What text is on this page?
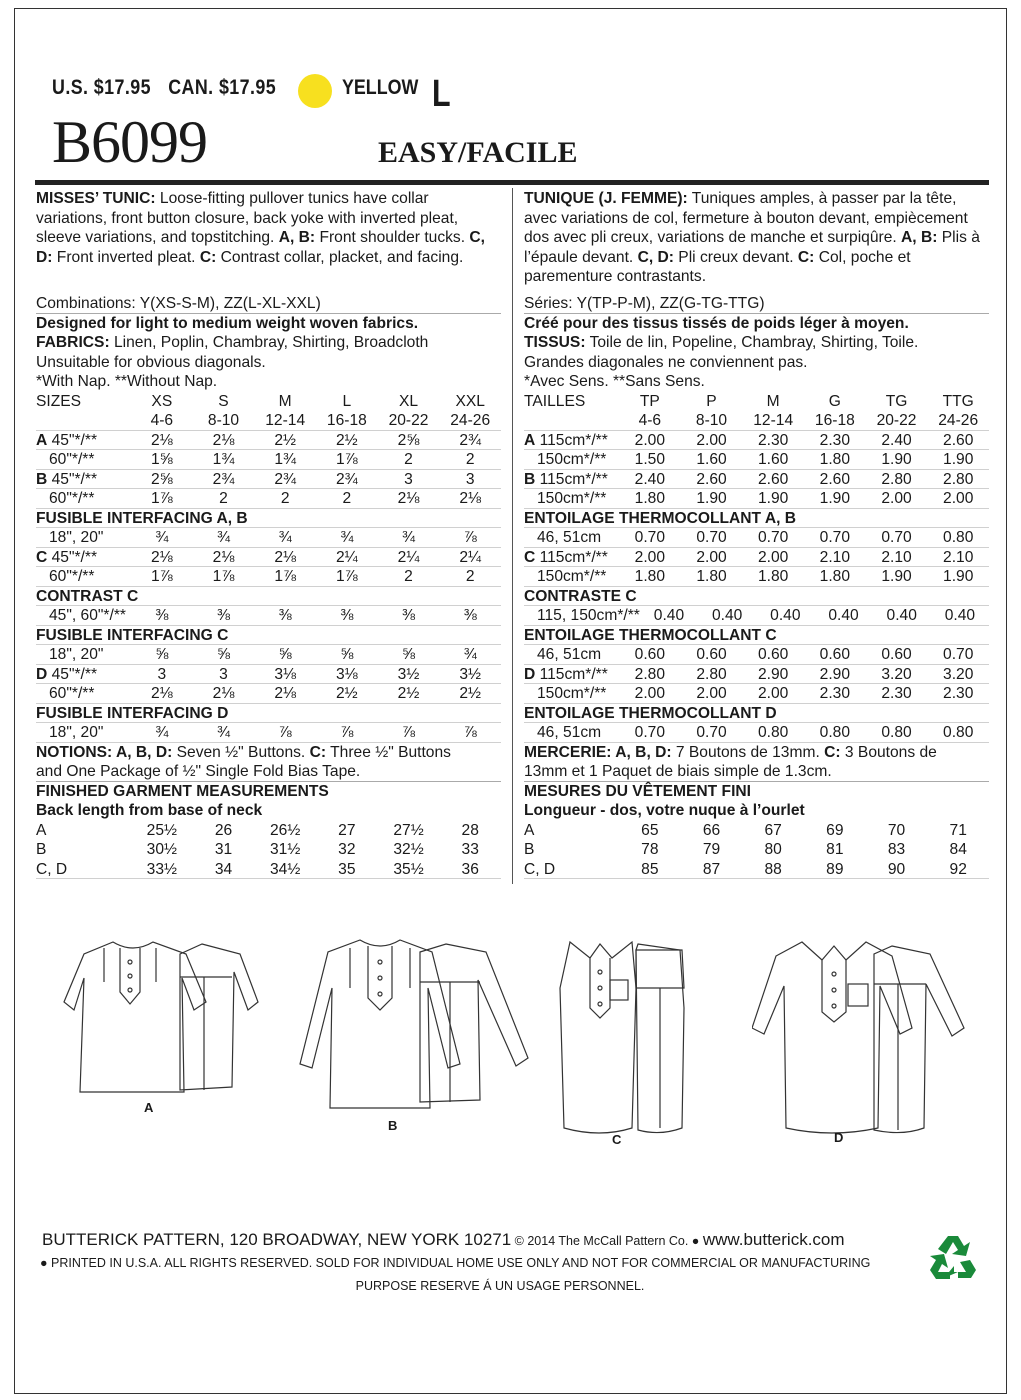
U.S. $17.95 CAN. $17.95	YELLOW L
B6099	EASY/FACILE
MISSES’ TUNIC: Loose-fitting pullover tunics have collar variations, front button closure, back yoke with inverted pleat, sleeve variations, and topstitching. A, B: Front shoulder tucks. C, D: Front inverted pleat. C: Contrast collar, placket, and facing.
Combinations: Y(XS-S-M), ZZ(L-XL-XXL)
Designed for light to medium weight woven fabrics.
FABRICS: Linen, Poplin, Chambray, Shirting, Broadcloth
Unsuitable for obvious diagonals.
*With Nap. **Without Nap.
SIZES	XS	S	M	L	XL	XXL
4-6	8-10	12-14	16-18	20-22	24-26
A 45"*/**	2⅛	2⅛	2½	2½	2⅝	2¾
60"*/**	1⅝	1¾	1¾	1⅞	2	2
B 45"*/**	2⅝	2¾	2¾	2¾	3	3
60"*/**	1⅞	2	2	2	2⅛	2⅛
FUSIBLE INTERFACING A, B
18", 20"	¾	¾	¾	¾	¾	⅞
C 45"*/**	2⅛	2⅛	2⅛	2¼	2¼	2¼
60"*/**	1⅞	1⅞	1⅞	1⅞	2	2
CONTRAST C
45", 60"*/**	⅜	⅜	⅜	⅜	⅜	⅜
FUSIBLE INTERFACING C
18", 20"	⅝	⅝	⅝	⅝	⅝	¾
D 45"*/**	3	3	3⅛	3⅛	3½	3½
60"*/**	2⅛	2⅛	2⅛	2½	2½	2½
FUSIBLE INTERFACING D
18", 20"	¾	¾	⅞	⅞	⅞	⅞
NOTIONS: A, B, D: Seven ½" Buttons. C: Three ½" Buttons
and One Package of ½" Single Fold Bias Tape.
FINISHED GARMENT MEASUREMENTS
Back length from base of neck
A	25½	26	26½	27	27½	28
B	30½	31	31½	32	32½	33
C, D	33½	34	34½	35	35½	36
TUNIQUE (J. FEMME): Tuniques amples, à passer par la tête, avec variations de col, fermeture à bouton devant, empiècement dos avec pli creux, variations de manche et surpiqûre. A, B: Plis à l’épaule devant. C, D: Pli creux devant. C: Col, poche et parementure contrastants.
Séries: Y(TP-P-M), ZZ(G-TG-TTG)
Créé pour des tissus tissés de poids léger à moyen.
TISSUS: Toile de lin, Popeline, Chambray, Shirting, Toile.
Grandes diagonales ne conviennent pas.
*Avec Sens. **Sans Sens.
TAILLES	TP	P	M	G	TG	TTG
4-6	8-10	12-14	16-18	20-22	24-26
A 115cm*/**	2.00	2.00	2.30	2.30	2.40	2.60
150cm*/**	1.50	1.60	1.60	1.80	1.90	1.90
B 115cm*/**	2.40	2.60	2.60	2.60	2.80	2.80
150cm*/**	1.80	1.90	1.90	1.90	2.00	2.00
ENTOILAGE THERMOCOLLANT A, B
46, 51cm	0.70	0.70	0.70	0.70	0.70	0.80
C 115cm*/**	2.00	2.00	2.00	2.10	2.10	2.10
150cm*/**	1.80	1.80	1.80	1.80	1.90	1.90
CONTRASTE C
115, 150cm*/** 0.40	0.40	0.40	0.40	0.40	0.40
ENTOILAGE THERMOCOLLANT C
46, 51cm	0.60	0.60	0.60	0.60	0.60	0.70
D 115cm*/**	2.80	2.80	2.90	2.90	3.20	3.20
150cm*/**	2.00	2.00	2.00	2.30	2.30	2.30
ENTOILAGE THERMOCOLLANT D
46, 51cm	0.70	0.70	0.80	0.80	0.80	0.80
MERCERIE: A, B, D: 7 Boutons de 13mm. C: 3 Boutons de
13mm et 1 Paquet de biais simple de 1.3cm.
MESURES DU VÊTEMENT FINI
Longueur - dos, votre nuque à l’ourlet
A	65	66	67	69	70	71
B	78	79	80	81	83	84
C, D	85	87	88	89	90	92
A
B
C	D
BUTTERICK PATTERN, 120 BROADWAY, NEW YORK 10271 © 2014 The McCall Pattern Co. ● www.butterick.com
● PRINTED IN U.S.A. ALL RIGHTS RESERVED. SOLD FOR INDIVIDUAL HOME USE ONLY AND NOT FOR COMMERCIAL OR MANUFACTURING
PURPOSE RESERVE Á UN USAGE PERSONNEL.
